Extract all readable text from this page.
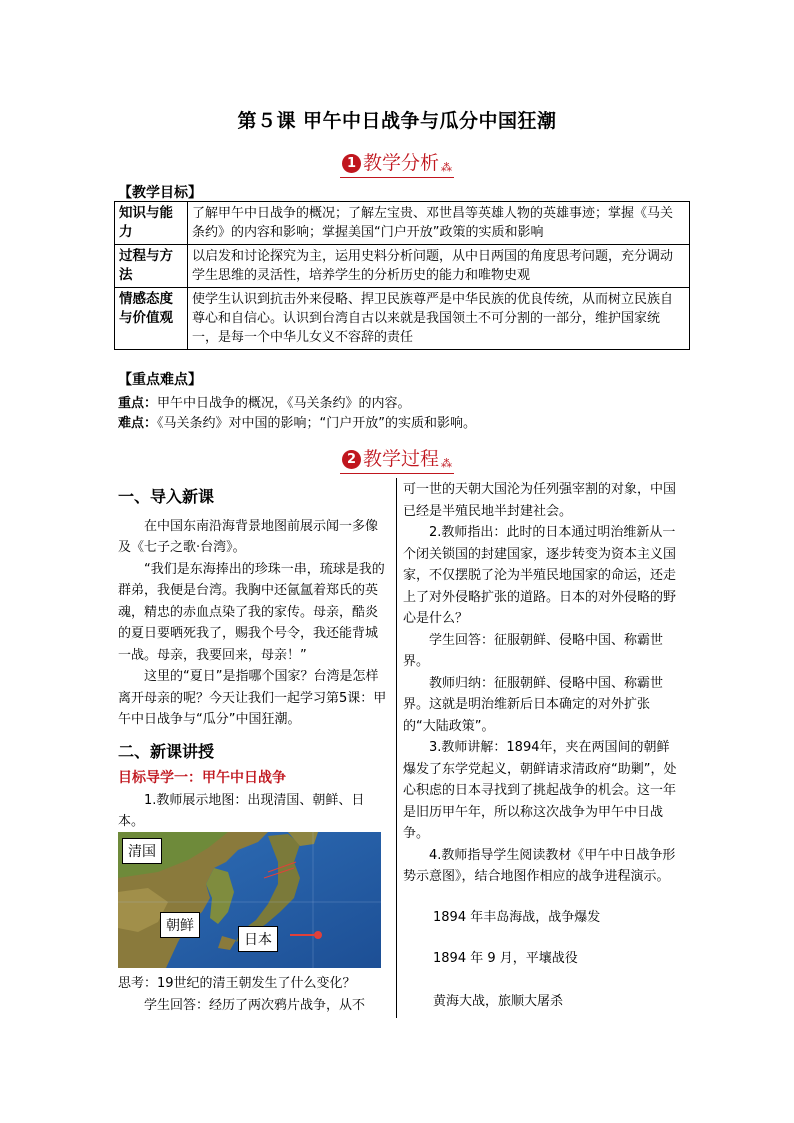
第５课 甲午中日战争与瓜分中国狂潮
1 教学分析 ⁂
【教学目标】
知识与能力	了解甲午中日战争的概况；了解左宝贵、邓世昌等英雄人物的英雄事迹；掌握《马关条约》的内容和影响；掌握美国“门户开放”政策的实质和影响
过程与方法	以启发和讨论探究为主，运用史料分析问题，从中日两国的角度思考问题，充分调动学生思维的灵活性，培养学生的分析历史的能力和唯物史观
情感态度与价值观	使学生认识到抗击外来侵略、捍卫民族尊严是中华民族的优良传统，从而树立民族自尊心和自信心。认识到台湾自古以来就是我国领土不可分割的一部分，维护国家统一，是每一个中华儿女义不容辞的责任
【重点难点】
重点：甲午中日战争的概况，《马关条约》的内容。
难点：《马关条约》对中国的影响；“门户开放”的实质和影响。
2 教学过程 ⁂

一、导入新课

在中国东南沿海背景地图前展示闻一多像及《七子之歌·台湾》。

“我们是东海捧出的珍珠一串，琉球是我的群弟，我便是台湾。我胸中还氤氲着郑氏的英魂，精忠的赤血点染了我的家传。母亲，酷炎的夏日要晒死我了，赐我个号令，我还能背城一战。母亲，我要回来，母亲！”

这里的“夏日”是指哪个国家？台湾是怎样离开母亲的呢？今天让我们一起学习第5课：甲午中日战争与“瓜分”中国狂潮。

二、新课讲授

目标导学一：甲午中日战争

1.教师展示地图：出现清国、朝鲜、日本。

清国
朝鲜
日本

思考：19世纪的清王朝发生了什么变化？

学生回答：经历了两次鸦片战争，从不

可一世的天朝大国沦为任列强宰割的对象，中国已经是半殖民地半封建社会。

2.教师指出：此时的日本通过明治维新从一个闭关锁国的封建国家，逐步转变为资本主义国家，不仅摆脱了沦为半殖民地国家的命运，还走上了对外侵略扩张的道路。日本的对外侵略的野心是什么？

学生回答：征服朝鲜、侵略中国、称霸世界。

教师归纳：征服朝鲜、侵略中国、称霸世界。这就是明治维新后日本确定的对外扩张的“大陆政策”。

3.教师讲解：1894年，夹在两国间的朝鲜爆发了东学党起义，朝鲜请求清政府“助剿”，处心积虑的日本寻找到了挑起战争的机会。这一年是旧历甲午年，所以称这次战争为甲午中日战争。

4.教师指导学生阅读教材《甲午中日战争形势示意图》，结合地图作相应的战争进程演示。

1894 年丰岛海战，战争爆发
1894 年 9 月，平壤战役
黄海大战，旅顺大屠杀
